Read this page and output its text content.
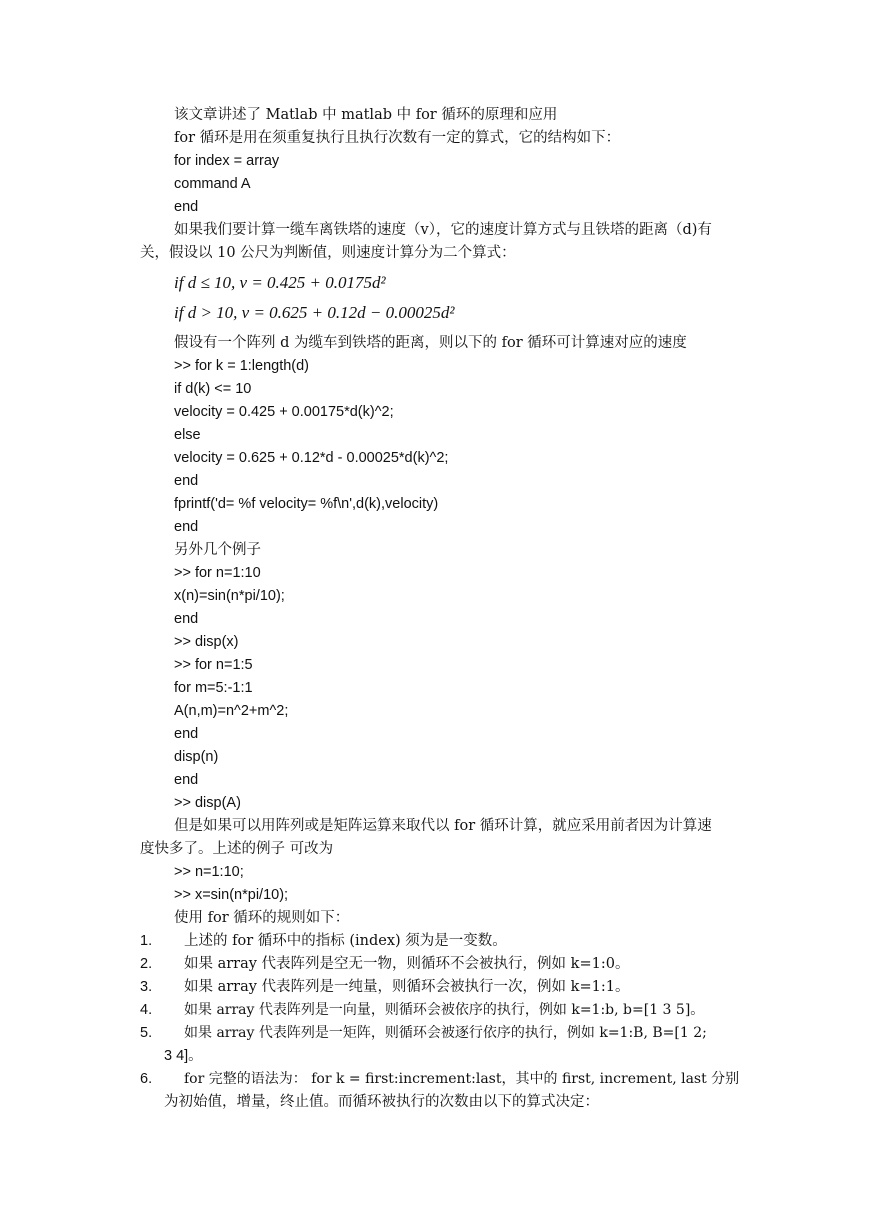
该文章讲述了 Matlab 中 matlab 中 for 循环的原理和应用
for 循环是用在须重复执行且执行次数有一定的算式，它的结构如下：
for index = array
command A
end
如果我们要计算一缆车离铁塔的速度（v），它的速度计算方式与且铁塔的距离（d)有
关，假设以 10 公尺为判断值，则速度计算分为二个算式：
if d ≤ 10, v = 0.425 + 0.0175d²
if d > 10, v = 0.625 + 0.12d − 0.00025d²
假设有一个阵列 d 为缆车到铁塔的距离，则以下的 for 循环可计算速对应的速度
>> for k = 1:length(d)
if d(k) <= 10
velocity = 0.425 + 0.00175*d(k)^2;
else
velocity = 0.625 + 0.12*d - 0.00025*d(k)^2;
end
fprintf('d= %f velocity= %f\n',d(k),velocity)
end
另外几个例子
>> for n=1:10
x(n)=sin(n*pi/10);
end
>> disp(x)
>> for n=1:5
for m=5:-1:1
A(n,m)=n^2+m^2;
end
disp(n)
end
>> disp(A)
但是如果可以用阵列或是矩阵运算来取代以 for 循环计算，就应采用前者因为计算速
度快多了。上述的例子 可改为
>> n=1:10;
>> x=sin(n*pi/10);
使用 for 循环的规则如下：
1. 上述的 for 循环中的指标 (index) 须为是一变数。
2. 如果 array 代表阵列是空无一物，则循环不会被执行，例如 k=1:0。
3. 如果 array 代表阵列是一纯量，则循环会被执行一次，例如 k=1:1。
4. 如果 array 代表阵列是一向量，则循环会被依序的执行，例如 k=1:b, b=[1 3 5]。
5. 如果 array 代表阵列是一矩阵，则循环会被逐行依序的执行，例如 k=1:B, B=[1 2;
3 4]。
6. for 完整的语法为： for k = first:increment:last，其中的 first, increment, last 分别
为初始值，增量，终止值。而循环被执行的次数由以下的算式决定：
